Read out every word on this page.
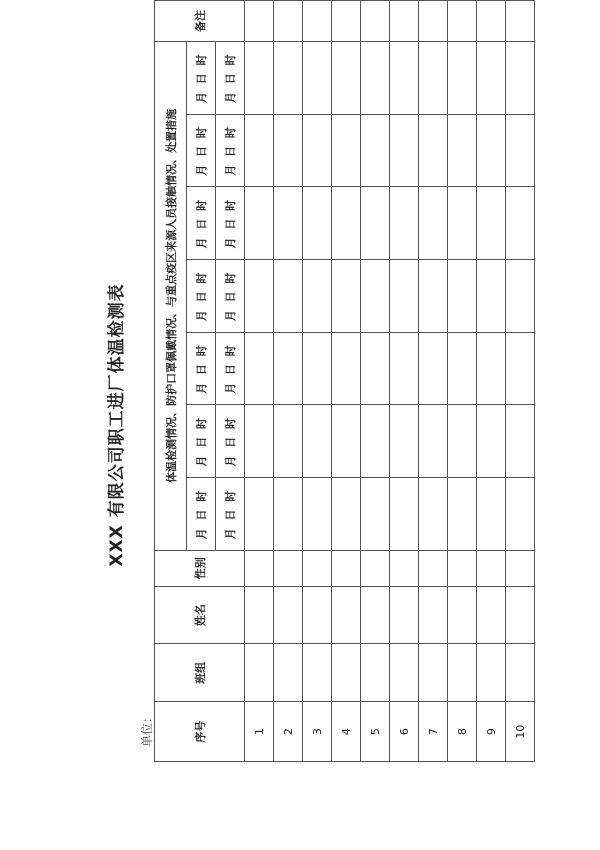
XXX 有限公司职工进厂体温检测表
单位：	序号	班组	姓名	性别	体温检测情况、防护口罩佩戴情况、与重点疫区来源人员接触情况、处置措施							备注
				月 日 时	月 日 时	月 日 时	月 日 时	月 日 时	月 日 时	月 日 时	
				月 日 时	月 日 时	月 日 时	月 日 时	月 日 时	月 日 时	月 日 时	
1											
2											
3											
4											
5											
6											
7											
8											
9											
10											
